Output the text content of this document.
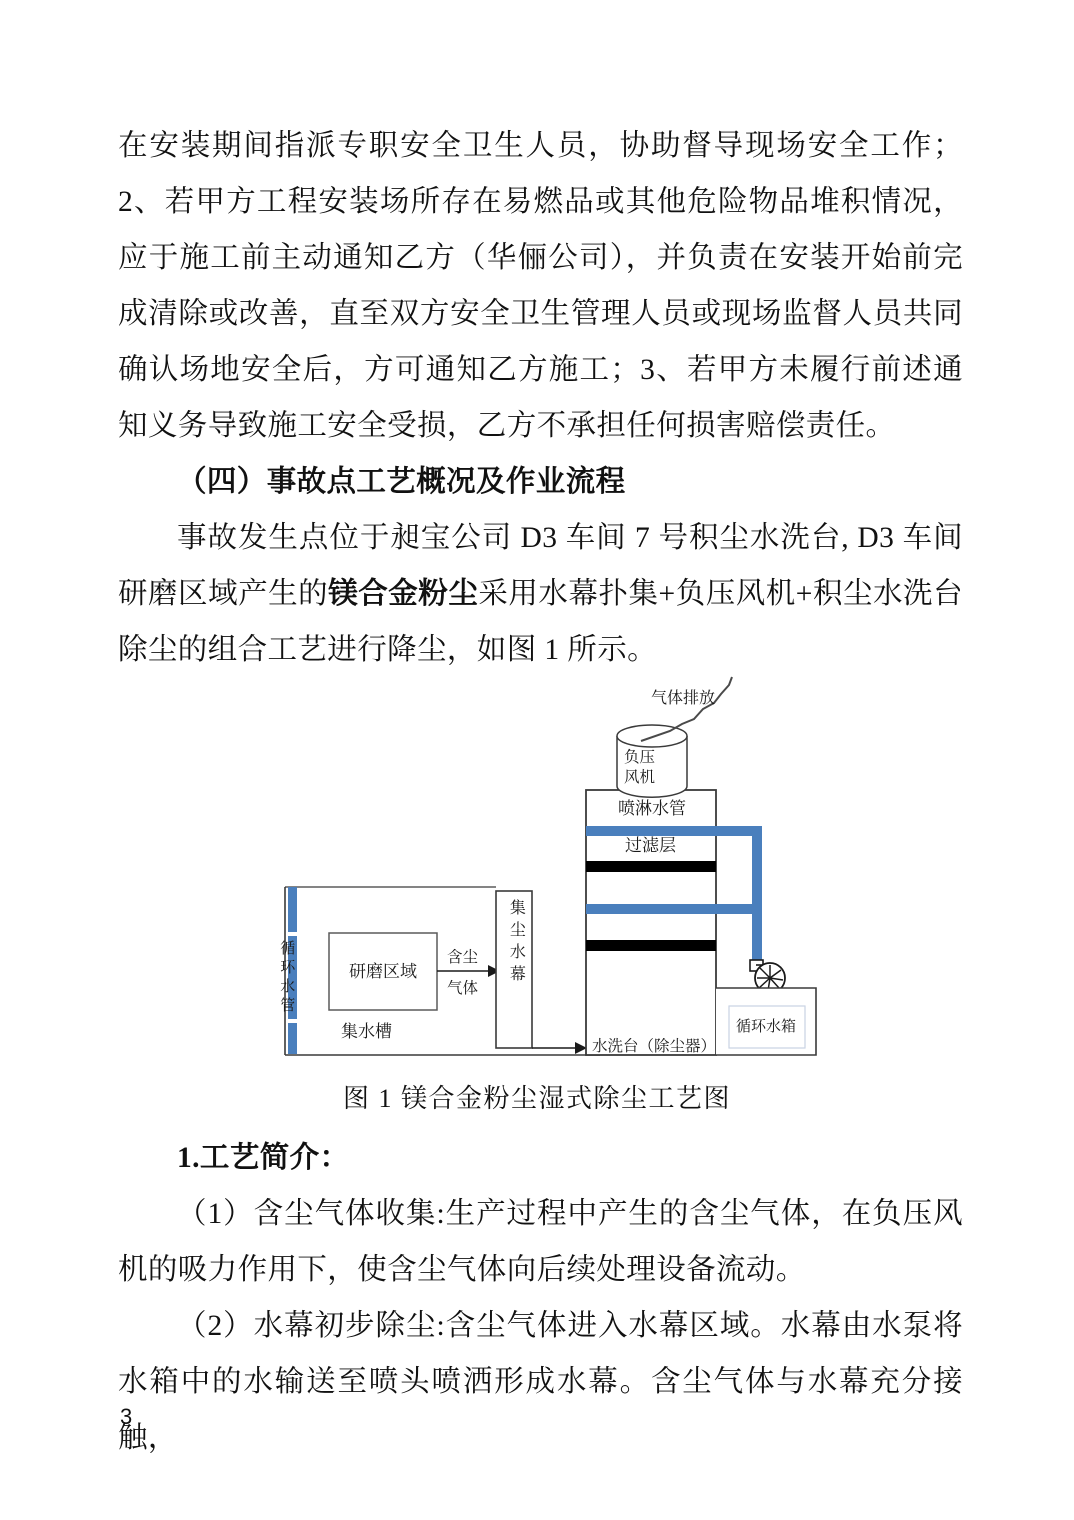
在安装期间指派专职安全卫生人员，协助督导现场安全工作；2、若甲方工程安装场所存在易燃品或其他危险物品堆积情况，应于施工前主动通知乙方（华俪公司），并负责在安装开始前完成清除或改善，直至双方安全卫生管理人员或现场监督人员共同确认场地安全后，方可通知乙方施工；3、若甲方未履行前述通知义务导致施工安全受损，乙方不承担任何损害赔偿责任。

（四）事故点工艺概况及作业流程

事故发生点位于昶宝公司 D3 车间 7 号积尘水洗台, D3 车间研磨区域产生的镁合金粉尘采用水幕扑集+负压风机+积尘水洗台除尘的组合工艺进行降尘，如图 1 所示。

循环水管	研磨区域
含尘
气体
集尘水幕
集水槽
水洗台（除尘器）
负压
风机
气体排放
喷淋水管
过滤层
循环水箱
图 1 镁合金粉尘湿式除尘工艺图

1.工艺简介：

（1）含尘气体收集:生产过程中产生的含尘气体，在负压风机的吸力作用下，使含尘气体向后续处理设备流动。

（2）水幕初步除尘:含尘气体进入水幕区域。水幕由水泵将水箱中的水输送至喷头喷洒形成水幕。含尘气体与水幕充分接触，

3
